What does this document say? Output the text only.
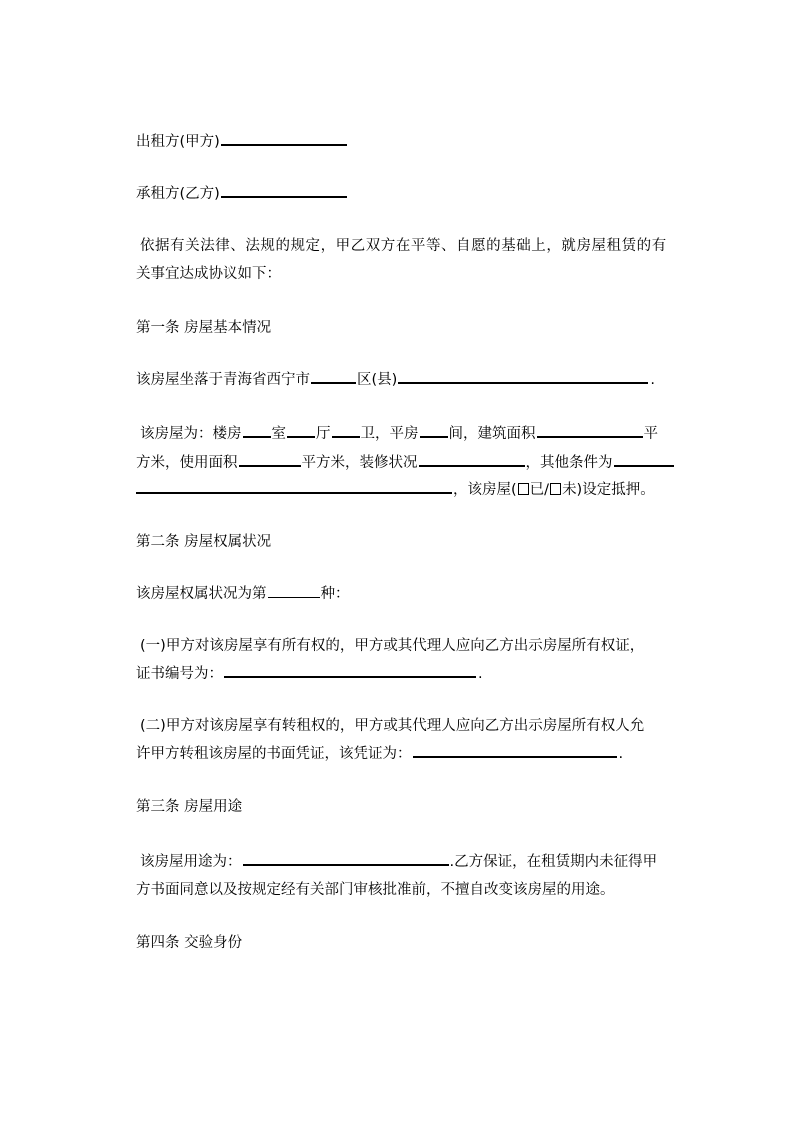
出租方(甲方)
承租方(乙方)
依据有关法律、法规的规定，甲乙双方在平等、自愿的基础上，就房屋租赁的有
关事宜达成协议如下：
第一条 房屋基本情况
该房屋坐落于青海省西宁市	区(县)	.
该房屋为：楼房 室 厅 卫，平房 间，建筑面积	平
方米，使用面积	平方米，装修状况	，其他条件为
，该房屋( 已/ 未)设定抵押。
第二条 房屋权属状况
该房屋权属状况为第	种：
(一)甲方对该房屋享有所有权的，甲方或其代理人应向乙方出示房屋所有权证，
证书编号为：	.
(二)甲方对该房屋享有转租权的，甲方或其代理人应向乙方出示房屋所有权人允
许甲方转租该房屋的书面凭证，该凭证为：	.
第三条 房屋用途
该房屋用途为：	.乙方保证，在租赁期内未征得甲
方书面同意以及按规定经有关部门审核批准前，不擅自改变该房屋的用途。
第四条 交验身份
